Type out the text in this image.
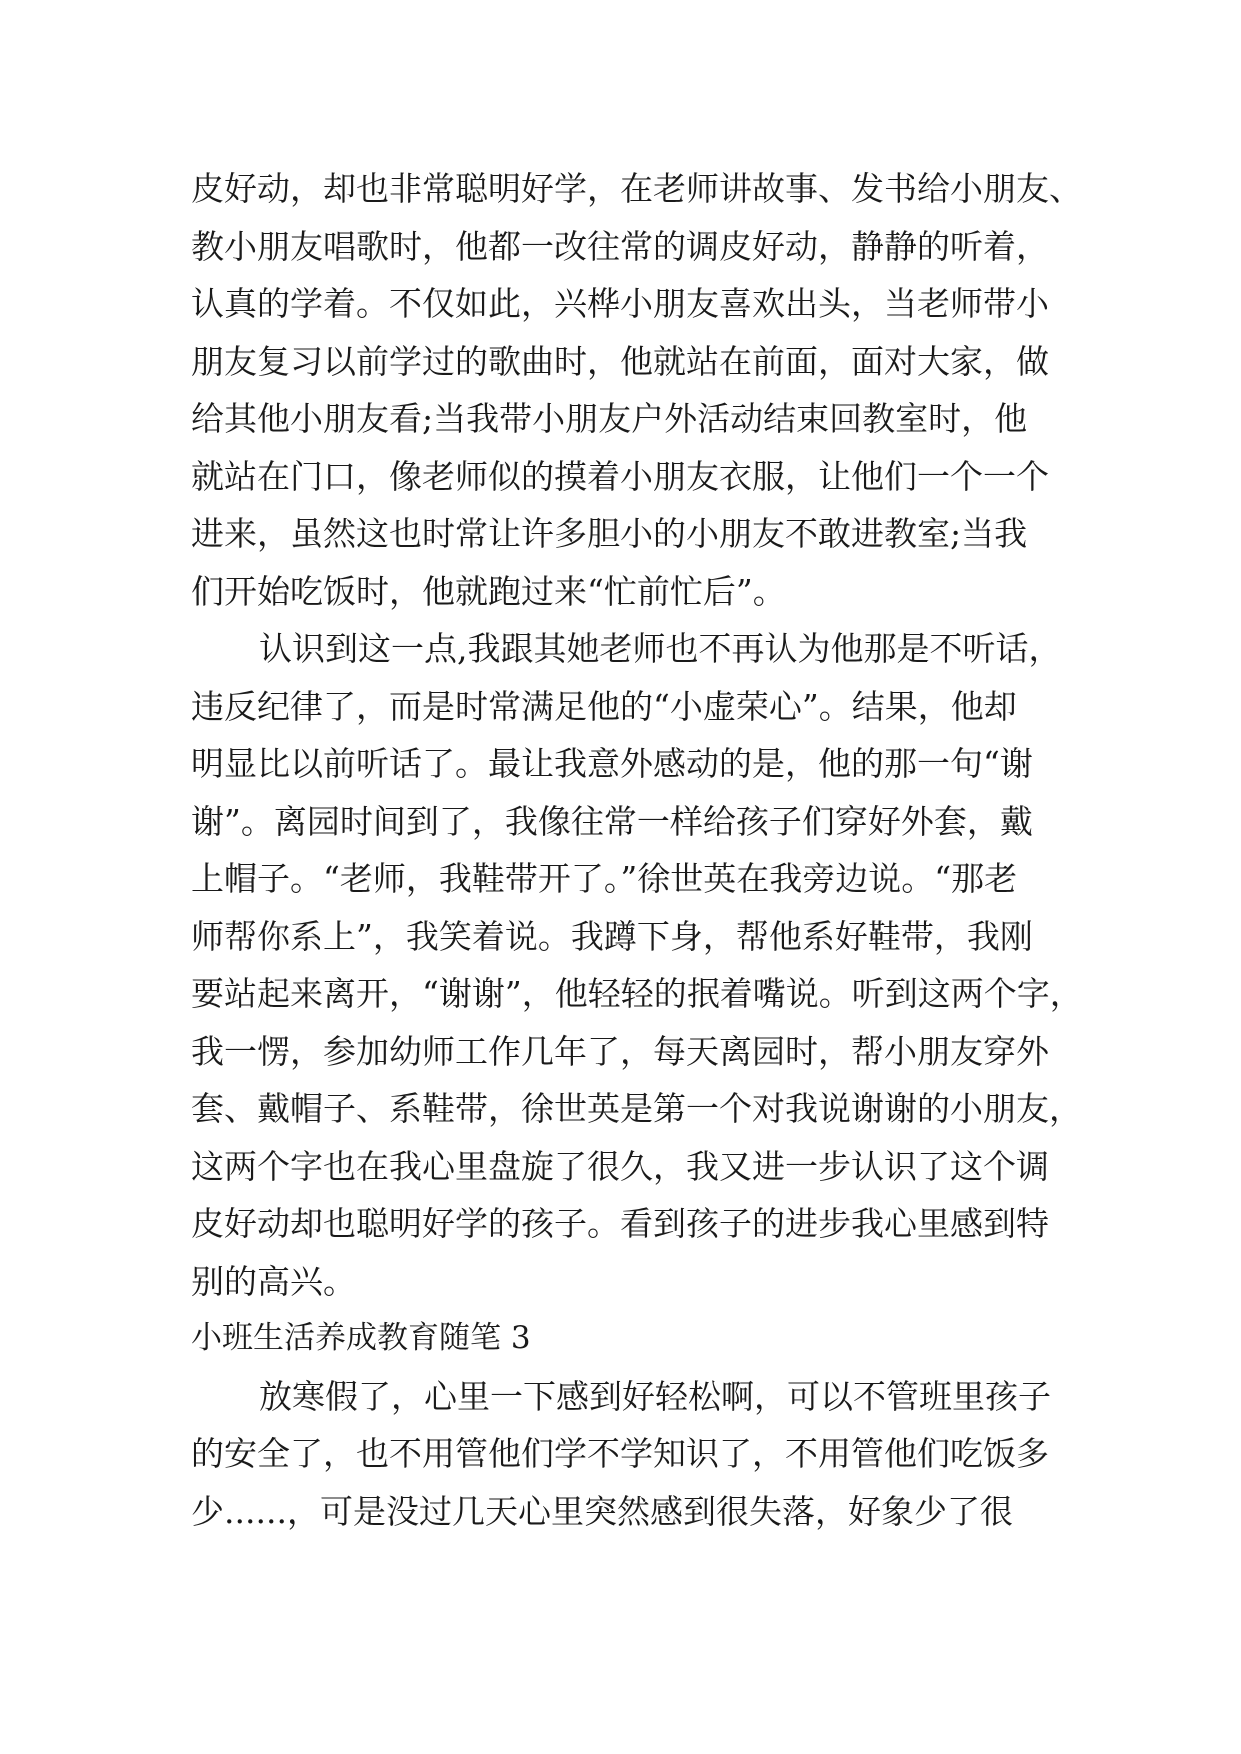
皮好动，却也非常聪明好学，在老师讲故事、发书给小朋友、
教小朋友唱歌时，他都一改往常的调皮好动，静静的听着，
认真的学着。不仅如此，兴桦小朋友喜欢出头，当老师带小
朋友复习以前学过的歌曲时，他就站在前面，面对大家，做
给其他小朋友看;当我带小朋友户外活动结束回教室时，他
就站在门口，像老师似的摸着小朋友衣服，让他们一个一个
进来，虽然这也时常让许多胆小的小朋友不敢进教室;当我
们开始吃饭时，他就跑过来“忙前忙后”。
认识到这一点,我跟其她老师也不再认为他那是不听话，
违反纪律了，而是时常满足他的“小虚荣心”。结果，他却
明显比以前听话了。最让我意外感动的是，他的那一句“谢
谢”。离园时间到了，我像往常一样给孩子们穿好外套，戴
上帽子。“老师，我鞋带开了。”徐世英在我旁边说。“那老
师帮你系上”，我笑着说。我蹲下身，帮他系好鞋带，我刚
要站起来离开，“谢谢”，他轻轻的抿着嘴说。听到这两个字，
我一愣，参加幼师工作几年了，每天离园时，帮小朋友穿外
套、戴帽子、系鞋带，徐世英是第一个对我说谢谢的小朋友，
这两个字也在我心里盘旋了很久，我又进一步认识了这个调
皮好动却也聪明好学的孩子。看到孩子的进步我心里感到特
别的高兴。
小班生活养成教育随笔 3
放寒假了，心里一下感到好轻松啊，可以不管班里孩子
的安全了，也不用管他们学不学知识了，不用管他们吃饭多
少......，可是没过几天心里突然感到很失落，好象少了很
